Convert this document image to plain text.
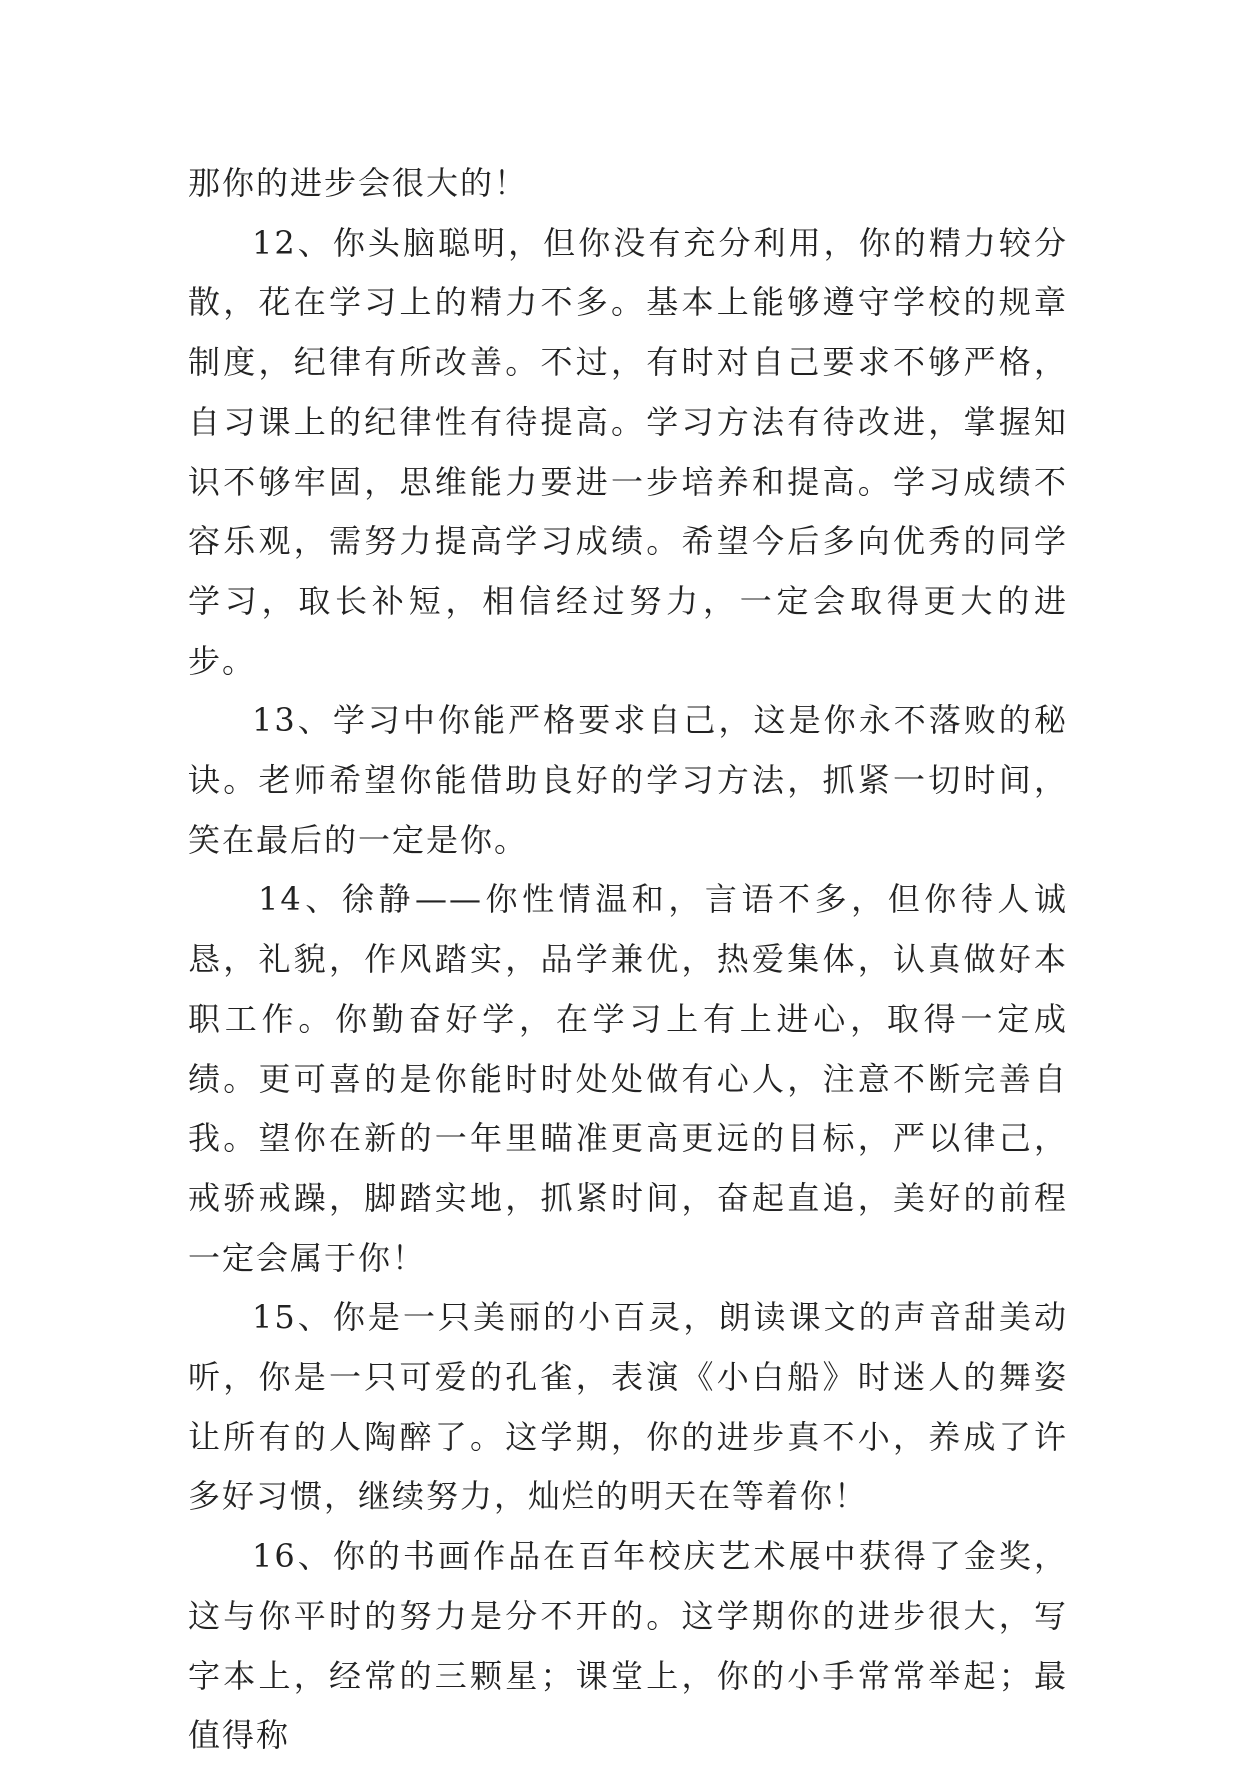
那你的进步会很大的！

12、你头脑聪明，但你没有充分利用，你的精力较分散，花在学习上的精力不多。基本上能够遵守学校的规章制度，纪律有所改善。不过，有时对自己要求不够严格，自习课上的纪律性有待提高。学习方法有待改进，掌握知识不够牢固，思维能力要进一步培养和提高。学习成绩不容乐观，需努力提高学习成绩。希望今后多向优秀的同学学习，取长补短，相信经过努力，一定会取得更大的进步。

13、学习中你能严格要求自己，这是你永不落败的秘诀。老师希望你能借助良好的学习方法，抓紧一切时间，笑在最后的一定是你。

14、徐静——你性情温和，言语不多，但你待人诚恳，礼貌，作风踏实，品学兼优，热爱集体，认真做好本职工作。你勤奋好学，在学习上有上进心，取得一定成绩。更可喜的是你能时时处处做有心人，注意不断完善自我。望你在新的一年里瞄准更高更远的目标，严以律己，戒骄戒躁，脚踏实地，抓紧时间，奋起直追，美好的前程一定会属于你！

15、你是一只美丽的小百灵，朗读课文的声音甜美动听，你是一只可爱的孔雀，表演《小白船》时迷人的舞姿让所有的人陶醉了。这学期，你的进步真不小，养成了许多好习惯，继续努力，灿烂的明天在等着你！

16、你的书画作品在百年校庆艺术展中获得了金奖，这与你平时的努力是分不开的。这学期你的进步很大，写字本上，经常的三颗星；课堂上，你的小手常常举起；最值得称
